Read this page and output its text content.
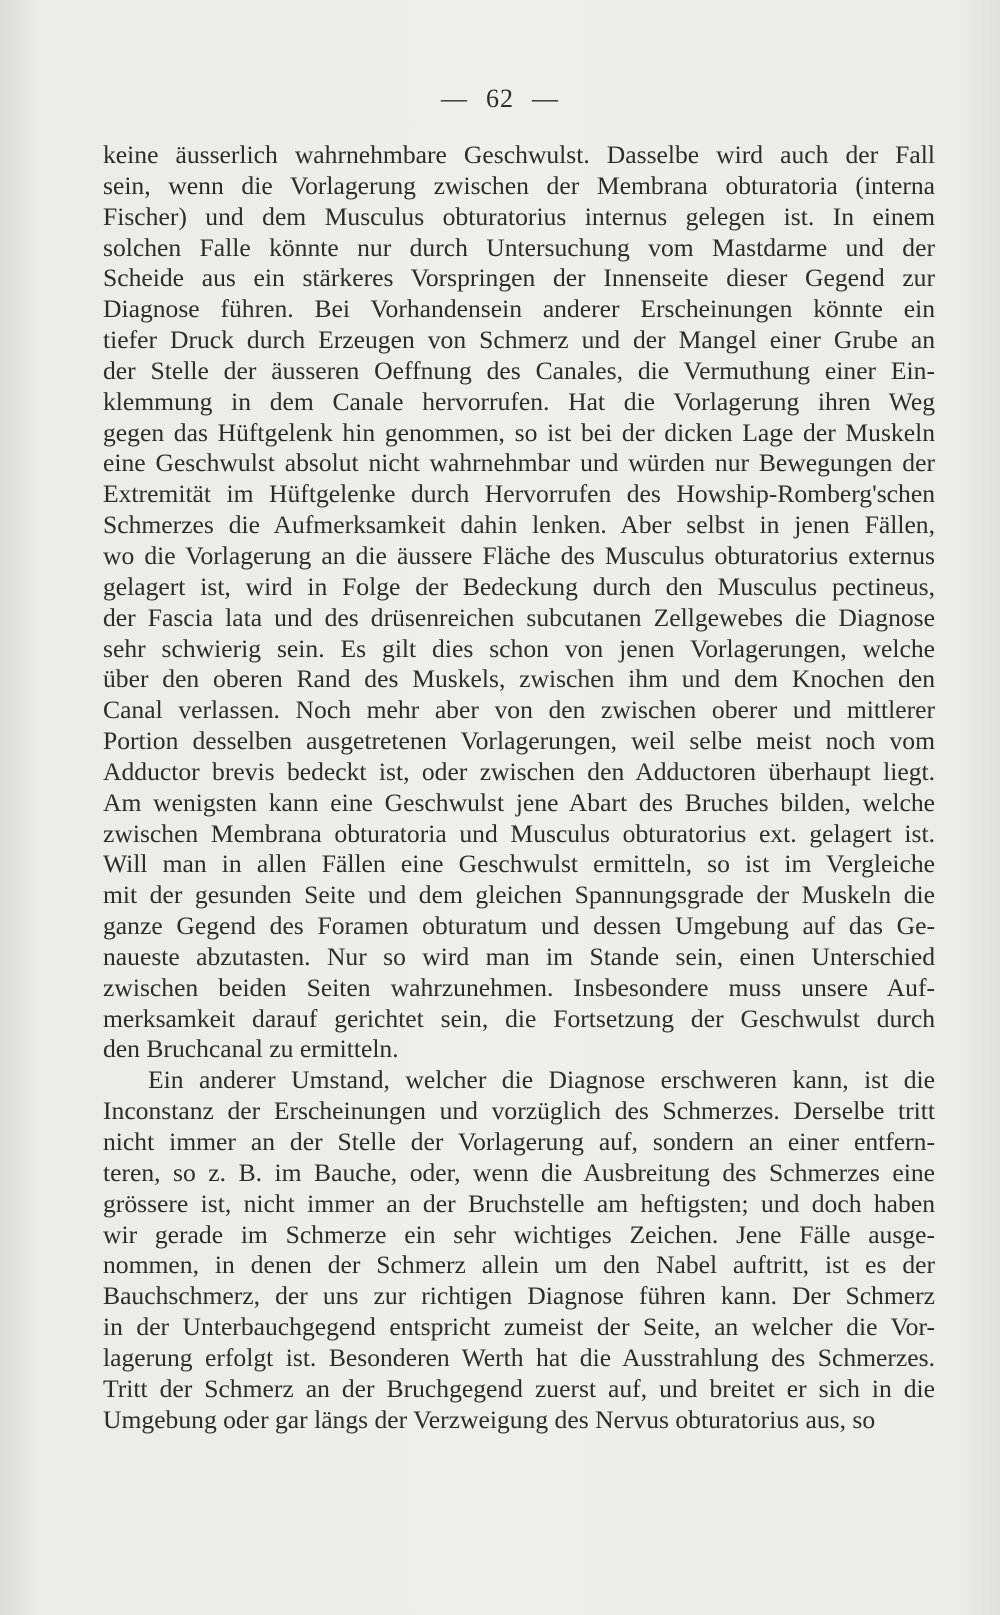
— 62 —
keine äusserlich wahrnehmbare Geschwulst. Dasselbe wird auch der Fall
sein, wenn die Vorlagerung zwischen der Membrana obturatoria (interna
Fischer) und dem Musculus obturatorius internus gelegen ist. In einem
solchen Falle könnte nur durch Untersuchung vom Mastdarme und der
Scheide aus ein stärkeres Vorspringen der Innenseite dieser Gegend zur
Diagnose führen. Bei Vorhandensein anderer Erscheinungen könnte ein
tiefer Druck durch Erzeugen von Schmerz und der Mangel einer Grube an
der Stelle der äusseren Oeffnung des Canales, die Vermuthung einer Ein-
klemmung in dem Canale hervorrufen. Hat die Vorlagerung ihren Weg
gegen das Hüftgelenk hin genommen, so ist bei der dicken Lage der Muskeln
eine Geschwulst absolut nicht wahrnehmbar und würden nur Bewegungen der
Extremität im Hüftgelenke durch Hervorrufen des Howship-Romberg'schen
Schmerzes die Aufmerksamkeit dahin lenken. Aber selbst in jenen Fällen,
wo die Vorlagerung an die äussere Fläche des Musculus obturatorius externus
gelagert ist, wird in Folge der Bedeckung durch den Musculus pectineus,
der Fascia lata und des drüsenreichen subcutanen Zellgewebes die Diagnose
sehr schwierig sein. Es gilt dies schon von jenen Vorlagerungen, welche
über den oberen Rand des Muskels, zwischen ihm und dem Knochen den
Canal verlassen. Noch mehr aber von den zwischen oberer und mittlerer
Portion desselben ausgetretenen Vorlagerungen, weil selbe meist noch vom
Adductor brevis bedeckt ist, oder zwischen den Adductoren überhaupt liegt.
Am wenigsten kann eine Geschwulst jene Abart des Bruches bilden, welche
zwischen Membrana obturatoria und Musculus obturatorius ext. gelagert ist.
Will man in allen Fällen eine Geschwulst ermitteln, so ist im Vergleiche
mit der gesunden Seite und dem gleichen Spannungsgrade der Muskeln die
ganze Gegend des Foramen obturatum und dessen Umgebung auf das Ge-
naueste abzutasten. Nur so wird man im Stande sein, einen Unterschied
zwischen beiden Seiten wahrzunehmen. Insbesondere muss unsere Auf-
merksamkeit darauf gerichtet sein, die Fortsetzung der Geschwulst durch
den Bruchcanal zu ermitteln.
Ein anderer Umstand, welcher die Diagnose erschweren kann, ist die
Inconstanz der Erscheinungen und vorzüglich des Schmerzes. Derselbe tritt
nicht immer an der Stelle der Vorlagerung auf, sondern an einer entfern-
teren, so z. B. im Bauche, oder, wenn die Ausbreitung des Schmerzes eine
grössere ist, nicht immer an der Bruchstelle am heftigsten; und doch haben
wir gerade im Schmerze ein sehr wichtiges Zeichen. Jene Fälle ausge-
nommen, in denen der Schmerz allein um den Nabel auftritt, ist es der
Bauchschmerz, der uns zur richtigen Diagnose führen kann. Der Schmerz
in der Unterbauchgegend entspricht zumeist der Seite, an welcher die Vor-
lagerung erfolgt ist. Besonderen Werth hat die Ausstrahlung des Schmerzes.
Tritt der Schmerz an der Bruchgegend zuerst auf, und breitet er sich in die
Umgebung oder gar längs der Verzweigung des Nervus obturatorius aus, so
